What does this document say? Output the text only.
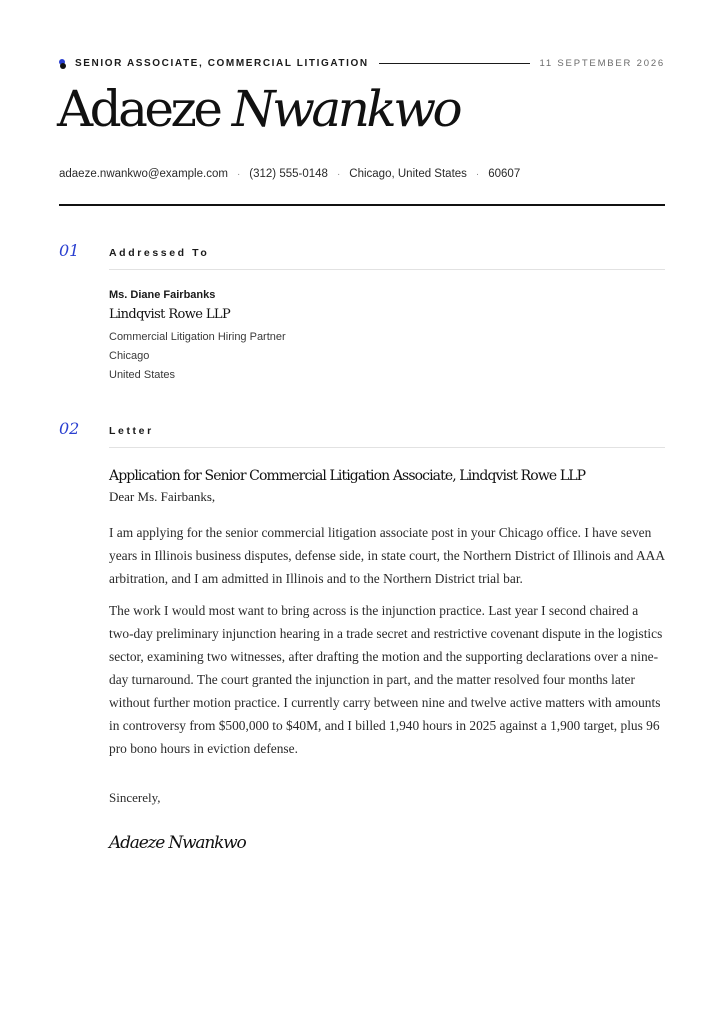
SENIOR ASSOCIATE, COMMERCIAL LITIGATION	11 SEPTEMBER 2026
Adaeze Nwankwo
adaeze.nwankwo@example.com · (312) 555-0148 · Chicago, United States · 60607
01	Addressed To
Ms. Diane Fairbanks
Lindqvist Rowe LLP
Commercial Litigation Hiring Partner
Chicago
United States
02	Letter
Application for Senior Commercial Litigation Associate, Lindqvist Rowe LLP
Dear Ms. Fairbanks,

I am applying for the senior commercial litigation associate post in your Chicago office. I have seven years in Illinois business disputes, defense side, in state court, the Northern District of Illinois and AAA arbitration, and I am admitted in Illinois and to the Northern District trial bar.

The work I would most want to bring across is the injunction practice. Last year I second chaired a two-day preliminary injunction hearing in a trade secret and restrictive covenant dispute in the logistics sector, examining two witnesses, after drafting the motion and the supporting declarations over a nine-day turnaround. The court granted the injunction in part, and the matter resolved four months later without further motion practice. I currently carry between nine and twelve active matters with amounts in controversy from $500,000 to $40M, and I billed 1,940 hours in 2025 against a 1,900 target, plus 96 pro bono hours in eviction defense.

Sincerely,
Adaeze Nwankwo
